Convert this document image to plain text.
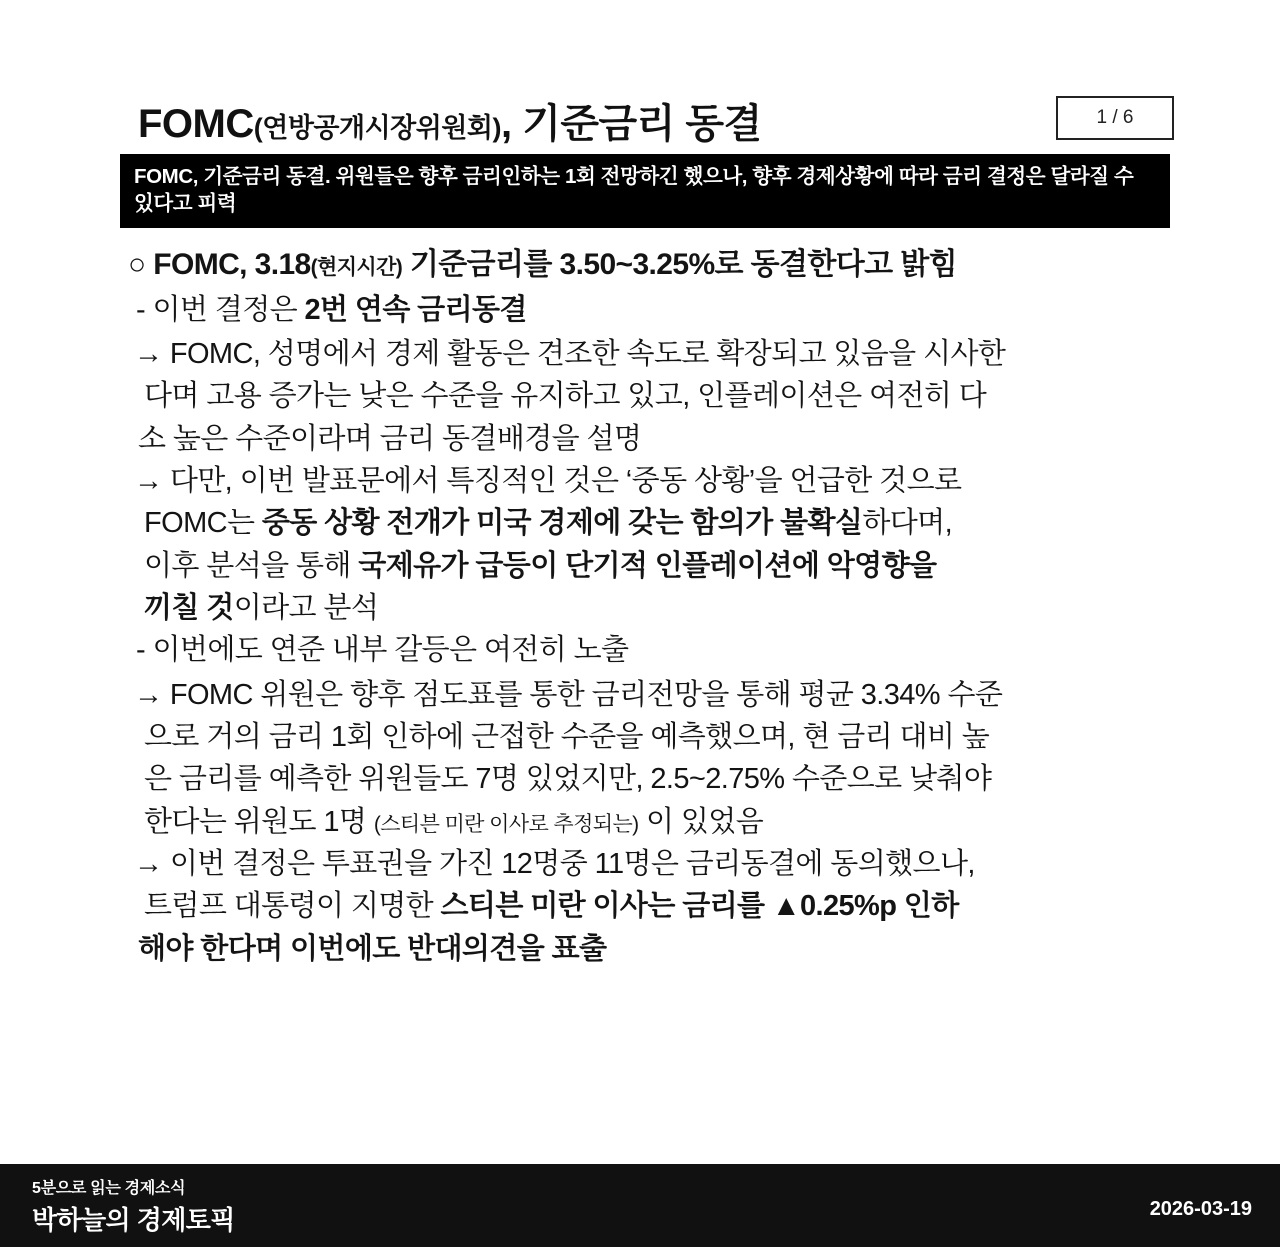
FOMC(연방공개시장위원회), 기준금리 동결	1 / 6
FOMC, 기준금리 동결. 위원들은 향후 금리인하는 1회 전망하긴 했으나, 향후 경제상황에 따라 금리 결정은 달라질 수 있다고 피력
○ FOMC, 3.18(현지시간) 기준금리를 3.50~3.25%로 동결한다고 밝힘
- 이번 결정은 2번 연속 금리동결
→ FOMC, 성명에서 경제 활동은 견조한 속도로 확장되고 있음을 시사한
다며 고용 증가는 낮은 수준을 유지하고 있고, 인플레이션은 여전히 다
소 높은 수준이라며 금리 동결배경을 설명
→ 다만, 이번 발표문에서 특징적인 것은 ‘중동 상황’을 언급한 것으로
FOMC는 중동 상황 전개가 미국 경제에 갖는 함의가 불확실하다며,
이후 분석을 통해 국제유가 급등이 단기적 인플레이션에 악영향을
끼칠 것이라고 분석
- 이번에도 연준 내부 갈등은 여전히 노출
→ FOMC 위원은 향후 점도표를 통한 금리전망을 통해 평균 3.34% 수준
으로 거의 금리 1회 인하에 근접한 수준을 예측했으며, 현 금리 대비 높
은 금리를 예측한 위원들도 7명 있었지만, 2.5~2.75% 수준으로 낮춰야
한다는 위원도 1명 (스티븐 미란 이사로 추정되는) 이 있었음
→ 이번 결정은 투표권을 가진 12명중 11명은 금리동결에 동의했으나,
트럼프 대통령이 지명한 스티븐 미란 이사는 금리를 ▲0.25%p 인하
해야 한다며 이번에도 반대의견을 표출
5분으로 읽는 경제소식
박하늘의 경제토픽	2026-03-19
